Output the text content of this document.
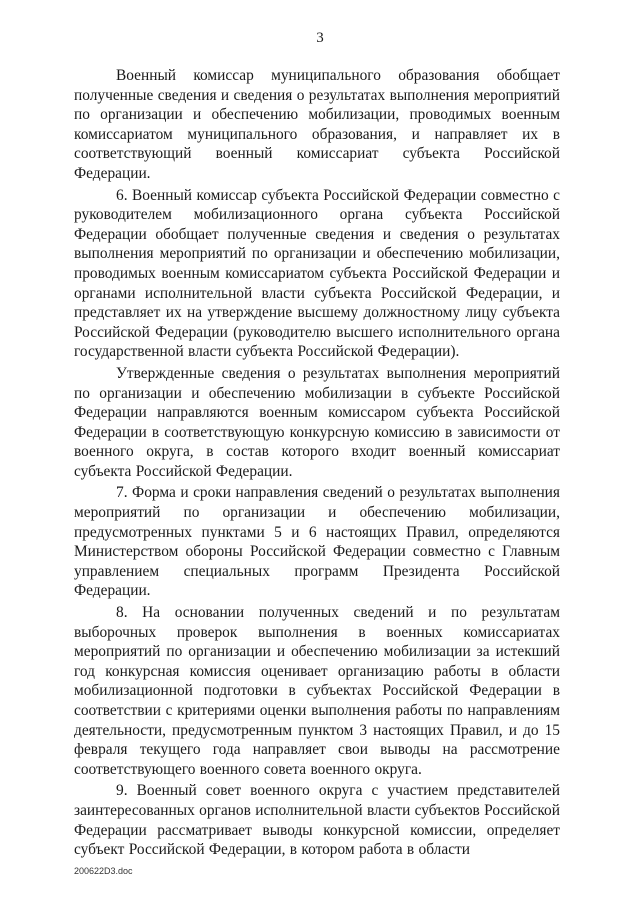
3

Военный комиссар муниципального образования обобщает полученные сведения и сведения о результатах выполнения мероприятий по организации и обеспечению мобилизации, проводимых военным комиссариатом муниципального образования, и направляет их в соответствующий военный комиссариат субъекта Российской Федерации.

6. Военный комиссар субъекта Российской Федерации совместно с руководителем мобилизационного органа субъекта Российской Федерации обобщает полученные сведения и сведения о результатах выполнения мероприятий по организации и обеспечению мобилизации, проводимых военным комиссариатом субъекта Российской Федерации и органами исполнительной власти субъекта Российской Федерации, и представляет их на утверждение высшему должностному лицу субъекта Российской Федерации (руководителю высшего исполнительного органа государственной власти субъекта Российской Федерации).

Утвержденные сведения о результатах выполнения мероприятий по организации и обеспечению мобилизации в субъекте Российской Федерации направляются военным комиссаром субъекта Российской Федерации в соответствующую конкурсную комиссию в зависимости от военного округа, в состав которого входит военный комиссариат субъекта Российской Федерации.

7. Форма и сроки направления сведений о результатах выполнения мероприятий по организации и обеспечению мобилизации, предусмотренных пунктами 5 и 6 настоящих Правил, определяются Министерством обороны Российской Федерации совместно с Главным управлением специальных программ Президента Российской Федерации.

8. На основании полученных сведений и по результатам выборочных проверок выполнения в военных комиссариатах мероприятий по организации и обеспечению мобилизации за истекший год конкурсная комиссия оценивает организацию работы в области мобилизационной подготовки в субъектах Российской Федерации в соответствии с критериями оценки выполнения работы по направлениям деятельности, предусмотренным пунктом 3 настоящих Правил, и до 15 февраля текущего года направляет свои выводы на рассмотрение соответствующего военного совета военного округа.

9. Военный совет военного округа с участием представителей заинтересованных органов исполнительной власти субъектов Российской Федерации рассматривает выводы конкурсной комиссии, определяет субъект Российской Федерации, в котором работа в области

200622D3.doc
